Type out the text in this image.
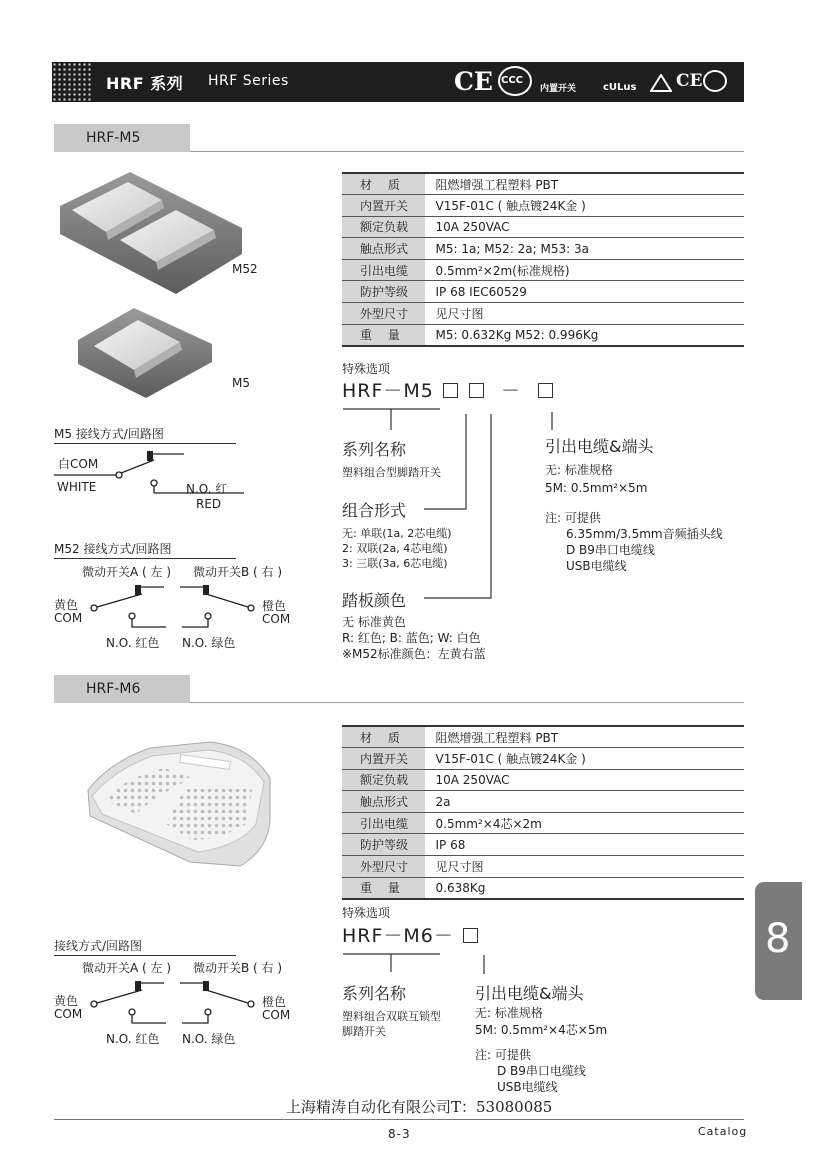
HRF 系列 HRF Series	CE CCC
内置开关	cULus CE
HRF-M5
M52
M5
材　 质	阻燃增强工程塑料 PBT
内置开关	V15F-01C ( 触点镀24K金 )
额定负载	10A 250VAC
触点形式	M5: 1a; M52: 2a; M53: 3a
引出电缆	0.5mm²×2m(标准规格)
防护等级	IP 68 IEC60529
外型尺寸	见尺寸图
重　 量	M5: 0.632Kg M52: 0.996Kg
特殊选项
HRF－M5	－
系列名称
塑料组合型脚踏开关
组合形式
无: 单联(1a, 2芯电缆)
2: 双联(2a, 4芯电缆)
3: 三联(3a, 6芯电缆)
踏板颜色
无 标准黄色
R: 红色; B: 蓝色; W: 白色
※M52标准颜色：左黄右蓝
引出电缆&端头
无: 标准规格
5M: 0.5mm²×5m
注: 可提供
6.35mm/3.5mm音频插头线
D B9串口电缆线
USB电缆线
M5 接线方式/回路图
白COM
WHITE	N.O. 红
RED
M52 接线方式/回路图
微动开关A ( 左 ) 微动开关B ( 右 )
黄色
COM
橙色
COM
N.O. 红色 N.O. 绿色
HRF-M6
材　 质	阻燃增强工程塑料 PBT
内置开关	V15F-01C ( 触点镀24K金 )
额定负载	10A 250VAC
触点形式	2a
引出电缆	0.5mm²×4芯×2m
防护等级	IP 68
外型尺寸	见尺寸图
重　 量	0.638Kg
特殊选项
HRF－M6－
系列名称
塑料组合双联互锁型
脚踏开关
引出电缆&端头
无: 标准规格
5M: 0.5mm²×4芯×5m
注: 可提供
D B9串口电缆线
USB电缆线
接线方式/回路图
微动开关A ( 左 ) 微动开关B ( 右 )
黄色
COM
橙色
COM
N.O. 红色 N.O. 绿色
8
上海精涛自动化有限公司T：53080085
8-3	Catalog
